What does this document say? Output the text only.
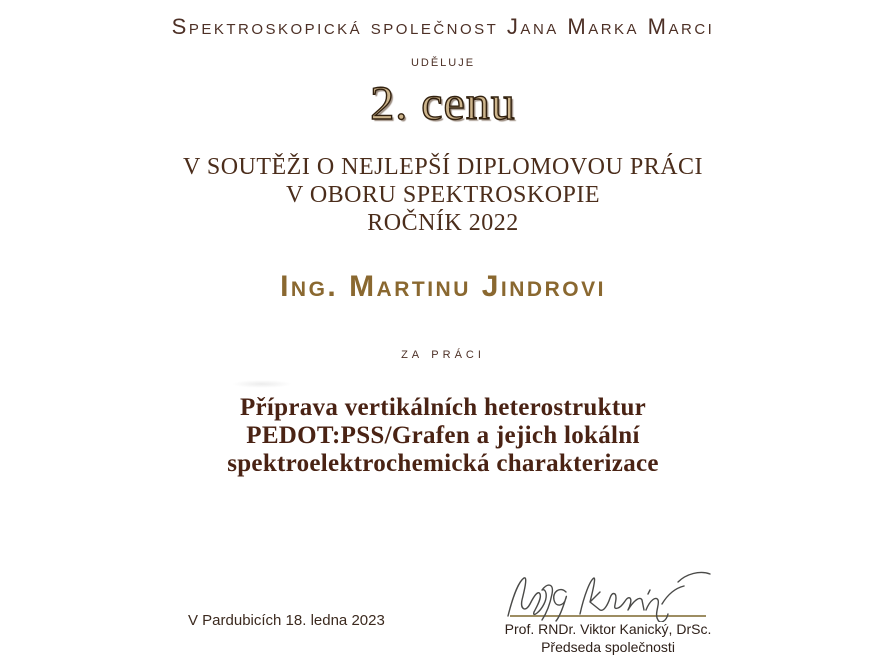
Spektroskopická společnost Jana Marka Marci
uděluje
2. cenu
V SOUTĚŽI O NEJLEPŠÍ DIPLOMOVOU PRÁCI
V OBORU SPEKTROSKOPIE
ROČNÍK 2022
Ing. Martinu Jindrovi
za práci
Příprava vertikálních heterostruktur
PEDOT:PSS/Grafen a jejich lokální
spektroelektrochemická charakterizace
V Pardubicích 18. ledna 2023	Prof. RNDr. Viktor Kanický, DrSc.
Předseda společnosti
